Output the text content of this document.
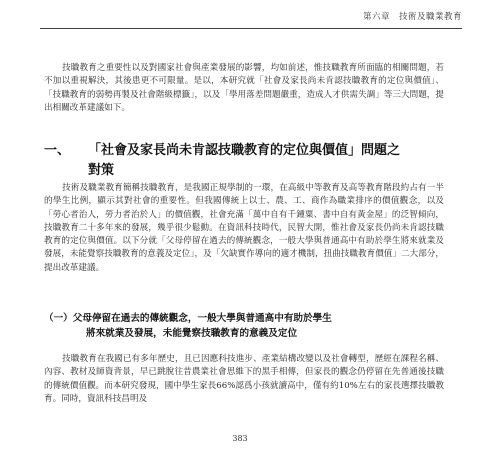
第六章　技術及職業教育
技職教育之重要性以及對國家社會與產業發展的影響，均如前述，惟技職教育所面臨的相關問題，若不加以重視解決，其後患更不可限量。是以，本研究就「社會及家長尚未肯認技職教育的定位與價值」、「技職教育的弱勢再製及社會階級標籤」，以及「學用落差問題嚴重，造成人才供需失調」等三大問題，提出相關改革建議如下。
一、 「社會及家長尚未肯認技職教育的定位與價值」問題之
對策
技術及職業教育簡稱技職教育，是我國正規學制的一環，在高級中等教育及高等教育階段約占有一半的學生比例，顯示其對社會的重要性。但我國傳統上以士、農、工、商作為職業排序的價值觀念，以及「勞心者治人，勞力者治於人」的價值觀，社會充滿「萬中自有千鍾粟、書中自有黃金屋」的泛智傾向，技職教育二十多年來的發展，幾乎很少鬆動。在資訊科技時代，民智大開，惟社會及家長仍尚未肯認技職教育的定位與價值。以下分就「父母停留在過去的傳統觀念，一般大學與普通高中有助於學生將來就業及發展，未能覺察技職教育的意義及定位」，及「欠缺實作導向的適才機制，扭曲技職教育價值」二大部分，提出改革建議。
（一）父母停留在過去的傳統觀念，一般大學與普通高中有助於學生
將來就業及發展，未能覺察技職教育的意義及定位
技職教育在我國已有多年歷史，且已因應科技進步、產業結構改變以及社會轉型，歷經在課程名稱、內容、教材及師資背景，早已跳脫往昔農業社會思維下的黑手相傳，但家長的觀念仍停留在先普通後技職的傳統價值觀。而本研究發現，國中學生家長66%認爲小孩就讀高中，僅有約10%左右的家長選擇技職教育。同時，資訊科技昌明及
383
